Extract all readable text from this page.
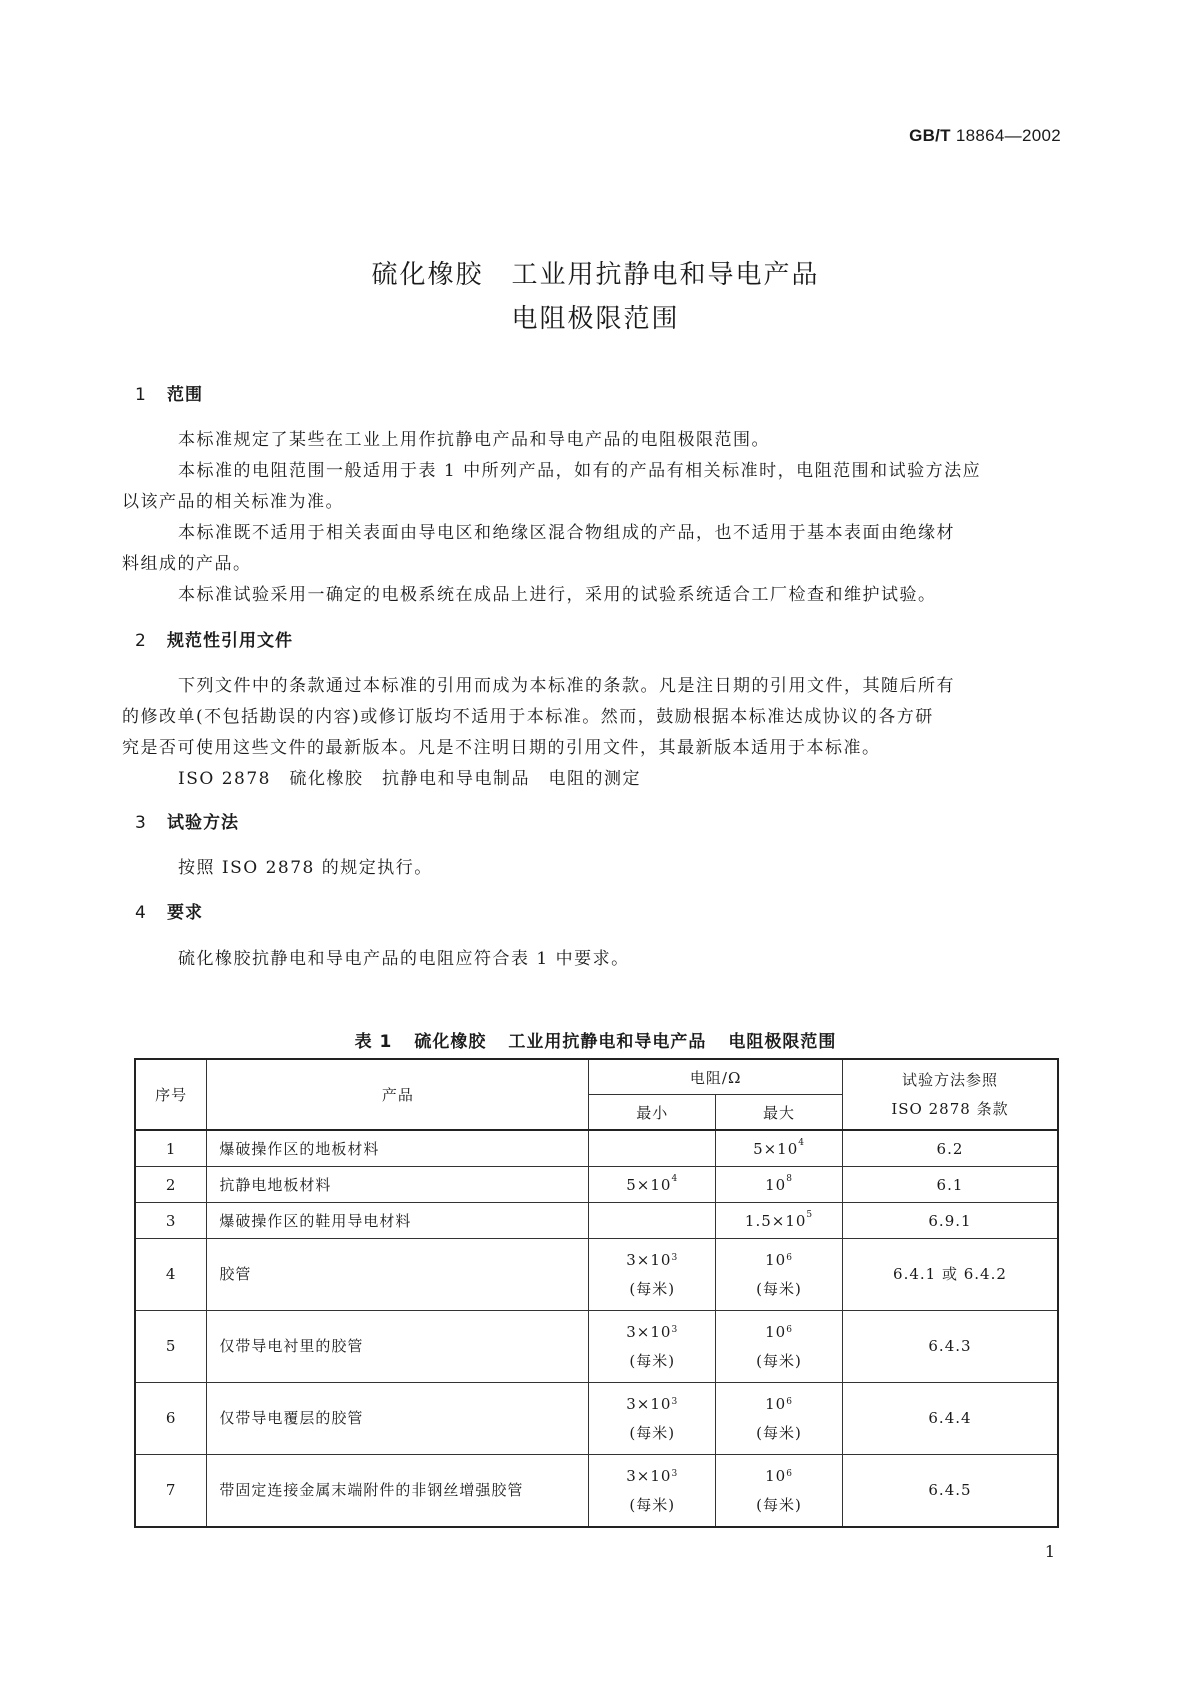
GB/T 18864—2002
硫化橡胶　工业用抗静电和导电产品
电阻极限范围
1 范围
本标准规定了某些在工业上用作抗静电产品和导电产品的电阻极限范围。
本标准的电阻范围一般适用于表 1 中所列产品，如有的产品有相关标准时，电阻范围和试验方法应
以该产品的相关标准为准。
本标准既不适用于相关表面由导电区和绝缘区混合物组成的产品，也不适用于基本表面由绝缘材
料组成的产品。
本标准试验采用一确定的电极系统在成品上进行，采用的试验系统适合工厂检查和维护试验。
2 规范性引用文件
下列文件中的条款通过本标准的引用而成为本标准的条款。凡是注日期的引用文件，其随后所有
的修改单(不包括勘误的内容)或修订版均不适用于本标准。然而，鼓励根据本标准达成协议的各方研
究是否可使用这些文件的最新版本。凡是不注明日期的引用文件，其最新版本适用于本标准。
ISO 2878　硫化橡胶　抗静电和导电制品　电阻的测定
3 试验方法
按照 ISO 2878 的规定执行。
4 要求
硫化橡胶抗静电和导电产品的电阻应符合表 1 中要求。
表 1 硫化橡胶 工业用抗静电和导电产品 电阻极限范围
序号	产品	电阻/Ω		试验方法参照
ISO 2878 条款
		最小	最大	
1	爆破操作区的地板材料		$5\times 10^4$	6.2
2	抗静电地板材料	$5\times 10^4$	$10^8$	6.1
3	爆破操作区的鞋用导电材料		$1.5\times 10^5$	6.9.1
4	胶管	$3\times 10^3$
(每米)	$10^6$
(每米)	6.4.1 或 6.4.2
5	仅带导电衬里的胶管	$3\times 10^3$
(每米)	$10^6$
(每米)	6.4.3
6	仅带导电覆层的胶管	$3\times 10^3$
(每米)	$10^6$
(每米)	6.4.4
7	带固定连接金属末端附件的非钢丝增强胶管	$3\times 10^3$
(每米)	$10^6$
(每米)	6.4.5
1
